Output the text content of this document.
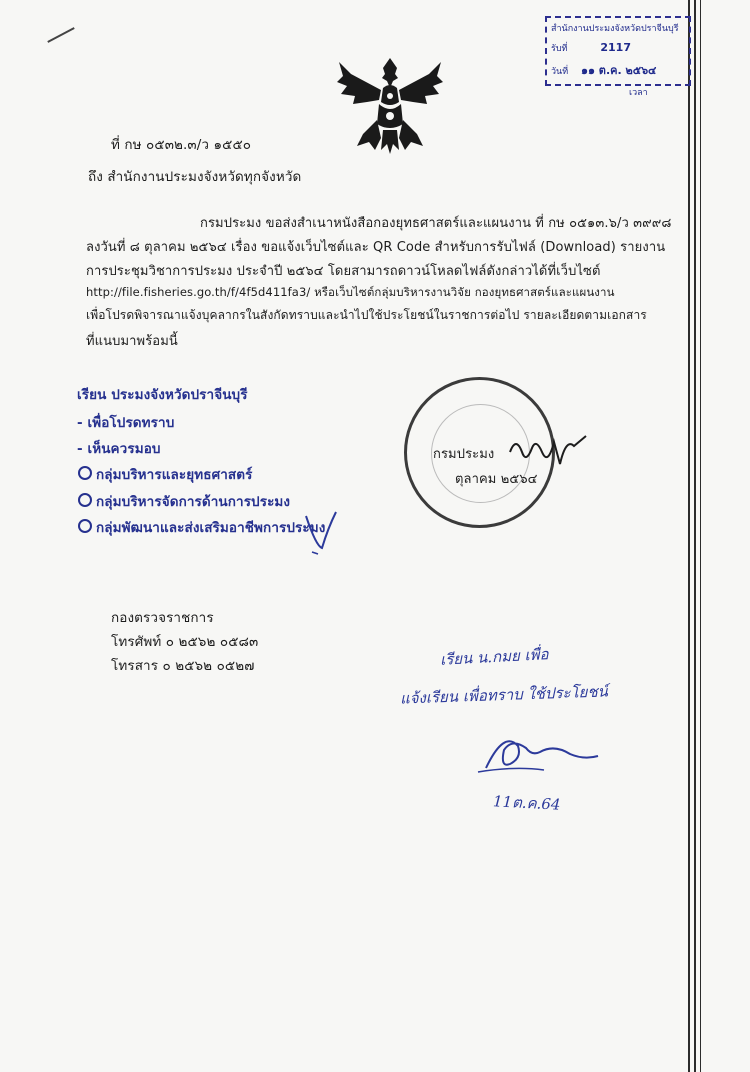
สำนักงานประมงจังหวัดปราจีนบุรี
รับที่	2117
วันที่ ๑๑ ต.ค. ๒๕๖๔
เวลา
ที่ กษ ๐๕๓๒.๓/ว ๑๕๕๐
ถึง สำนักงานประมงจังหวัดทุกจังหวัด
กรมประมง ขอส่งสำเนาหนังสือกองยุทธศาสตร์และแผนงาน ที่ กษ ๐๕๑๓.๖/ว ๓๙๙๘
ลงวันที่ ๘ ตุลาคม ๒๕๖๔ เรื่อง ขอแจ้งเว็บไซต์และ QR Code สำหรับการรับไฟล์ (Download) รายงาน
การประชุมวิชาการประมง ประจำปี ๒๕๖๔ โดยสามารถดาวน์โหลดไฟล์ดังกล่าวได้ที่เว็บไซต์
http://file.fisheries.go.th/f/4f5d411fa3/ หรือเว็บไซต์กลุ่มบริหารงานวิจัย กองยุทธศาสตร์และแผนงาน
เพื่อโปรดพิจารณาแจ้งบุคลากรในสังกัดทราบและนำไปใช้ประโยชน์ในราชการต่อไป รายละเอียดตามเอกสาร
ที่แนบมาพร้อมนี้
เรียน ประมงจังหวัดปราจีนบุรี
- เพื่อโปรดทราบ
- เห็นควรมอบ
กลุ่มบริหารและยุทธศาสตร์
กลุ่มบริหารจัดการด้านการประมง
กลุ่มพัฒนาและส่งเสริมอาชีพการประมง
กรมประมง
ตุลาคม ๒๕๖๔
กองตรวจราชการ
โทรศัพท์ ๐ ๒๕๖๒ ๐๕๘๓
โทรสาร ๐ ๒๕๖๒ ๐๕๒๗	เรียน น.กมย เพื่อ
แจ้งเรียน เพื่อทราบ ใช้ประโยชน์
11ต.ค.64
